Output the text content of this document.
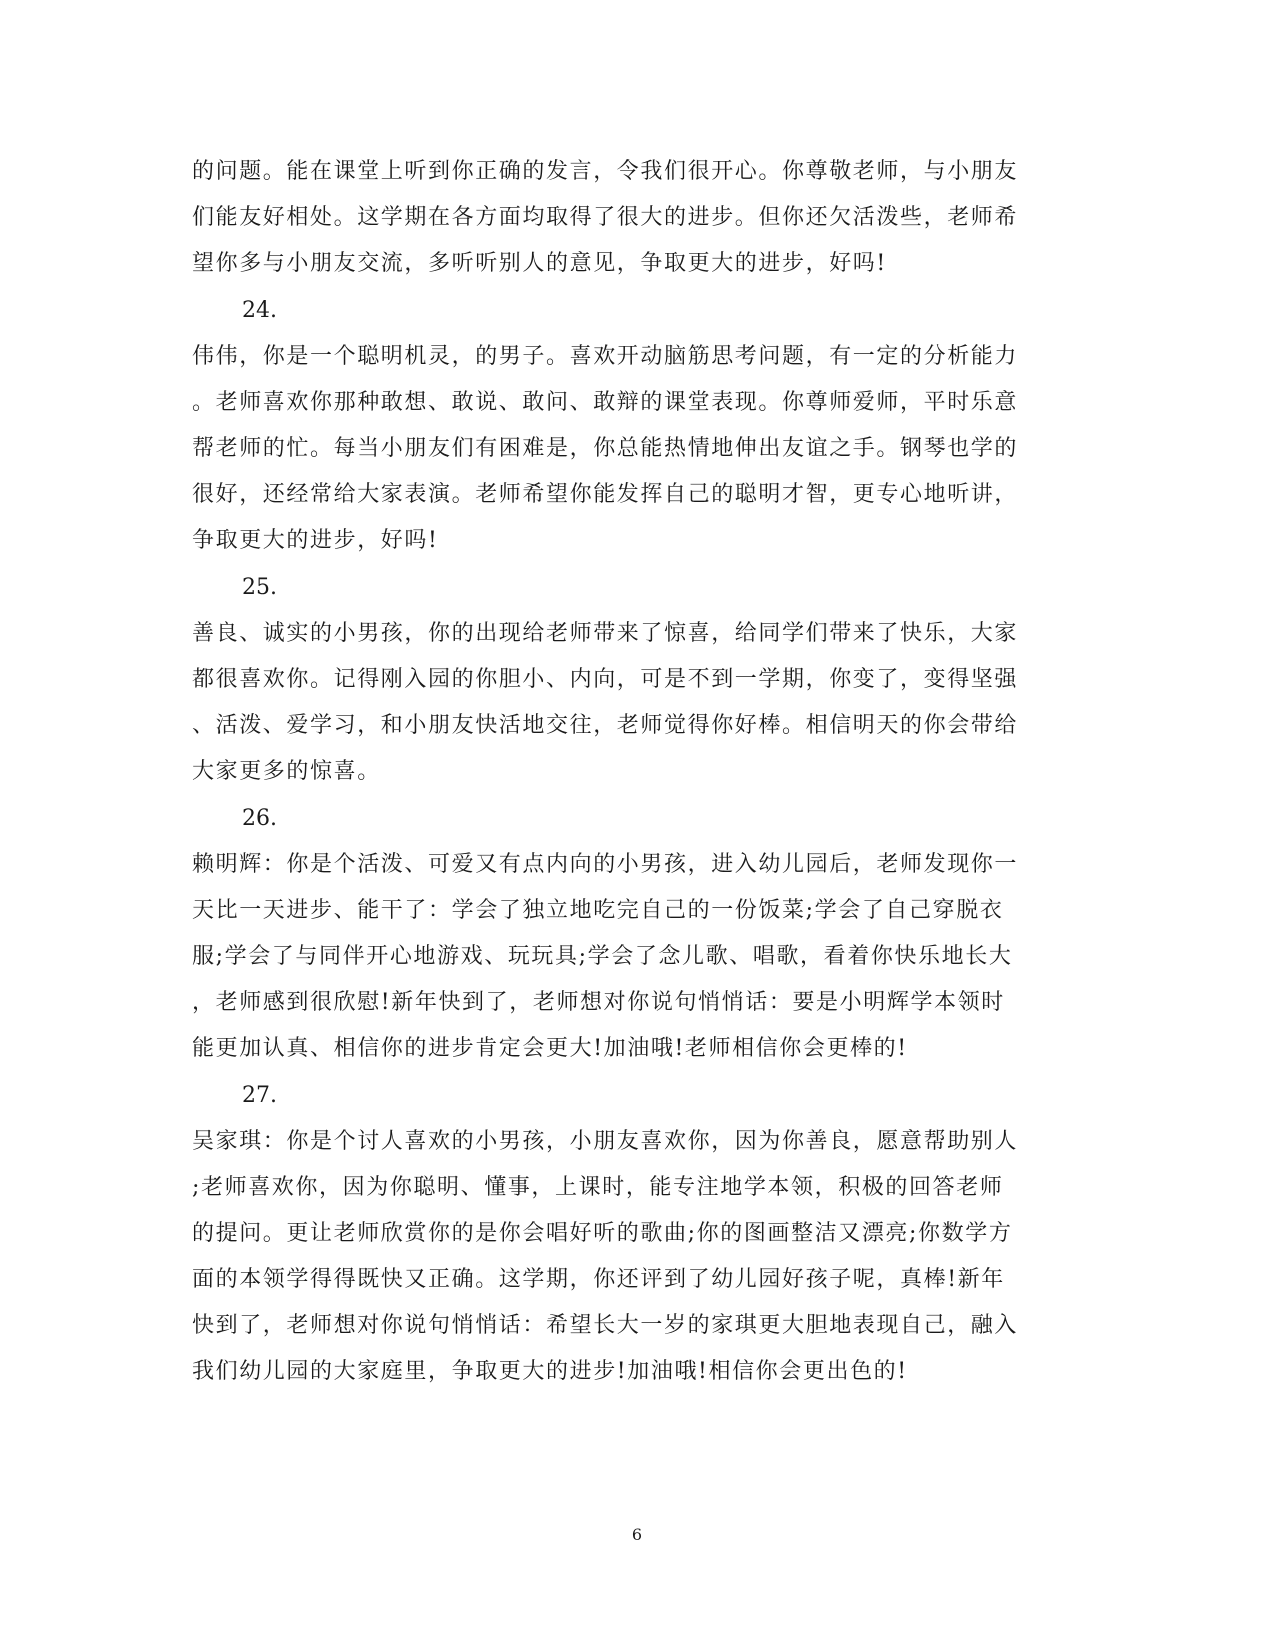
的问题。能在课堂上听到你正确的发言，令我们很开心。你尊敬老师，与小朋友
们能友好相处。这学期在各方面均取得了很大的进步。但你还欠活泼些，老师希
望你多与小朋友交流，多听听别人的意见，争取更大的进步，好吗!
24.
伟伟，你是一个聪明机灵，的男子。喜欢开动脑筋思考问题，有一定的分析能力
。老师喜欢你那种敢想、敢说、敢问、敢辩的课堂表现。你尊师爱师，平时乐意
帮老师的忙。每当小朋友们有困难是，你总能热情地伸出友谊之手。钢琴也学的
很好，还经常给大家表演。老师希望你能发挥自己的聪明才智，更专心地听讲，
争取更大的进步，好吗!
25.
善良、诚实的小男孩，你的出现给老师带来了惊喜，给同学们带来了快乐，大家
都很喜欢你。记得刚入园的你胆小、内向，可是不到一学期，你变了，变得坚强
、活泼、爱学习，和小朋友快活地交往，老师觉得你好棒。相信明天的你会带给
大家更多的惊喜。
26.
赖明辉：你是个活泼、可爱又有点内向的小男孩，进入幼儿园后，老师发现你一
天比一天进步、能干了：学会了独立地吃完自己的一份饭菜;学会了自己穿脱衣
服;学会了与同伴开心地游戏、玩玩具;学会了念儿歌、唱歌，看着你快乐地长大
，老师感到很欣慰!新年快到了，老师想对你说句悄悄话：要是小明辉学本领时
能更加认真、相信你的进步肯定会更大!加油哦!老师相信你会更棒的!
27.
吴家琪：你是个讨人喜欢的小男孩，小朋友喜欢你，因为你善良，愿意帮助别人
;老师喜欢你，因为你聪明、懂事，上课时，能专注地学本领，积极的回答老师
的提问。更让老师欣赏你的是你会唱好听的歌曲;你的图画整洁又漂亮;你数学方
面的本领学得得既快又正确。这学期，你还评到了幼儿园好孩子呢，真棒!新年
快到了，老师想对你说句悄悄话：希望长大一岁的家琪更大胆地表现自己，融入
我们幼儿园的大家庭里，争取更大的进步!加油哦!相信你会更出色的!
6
